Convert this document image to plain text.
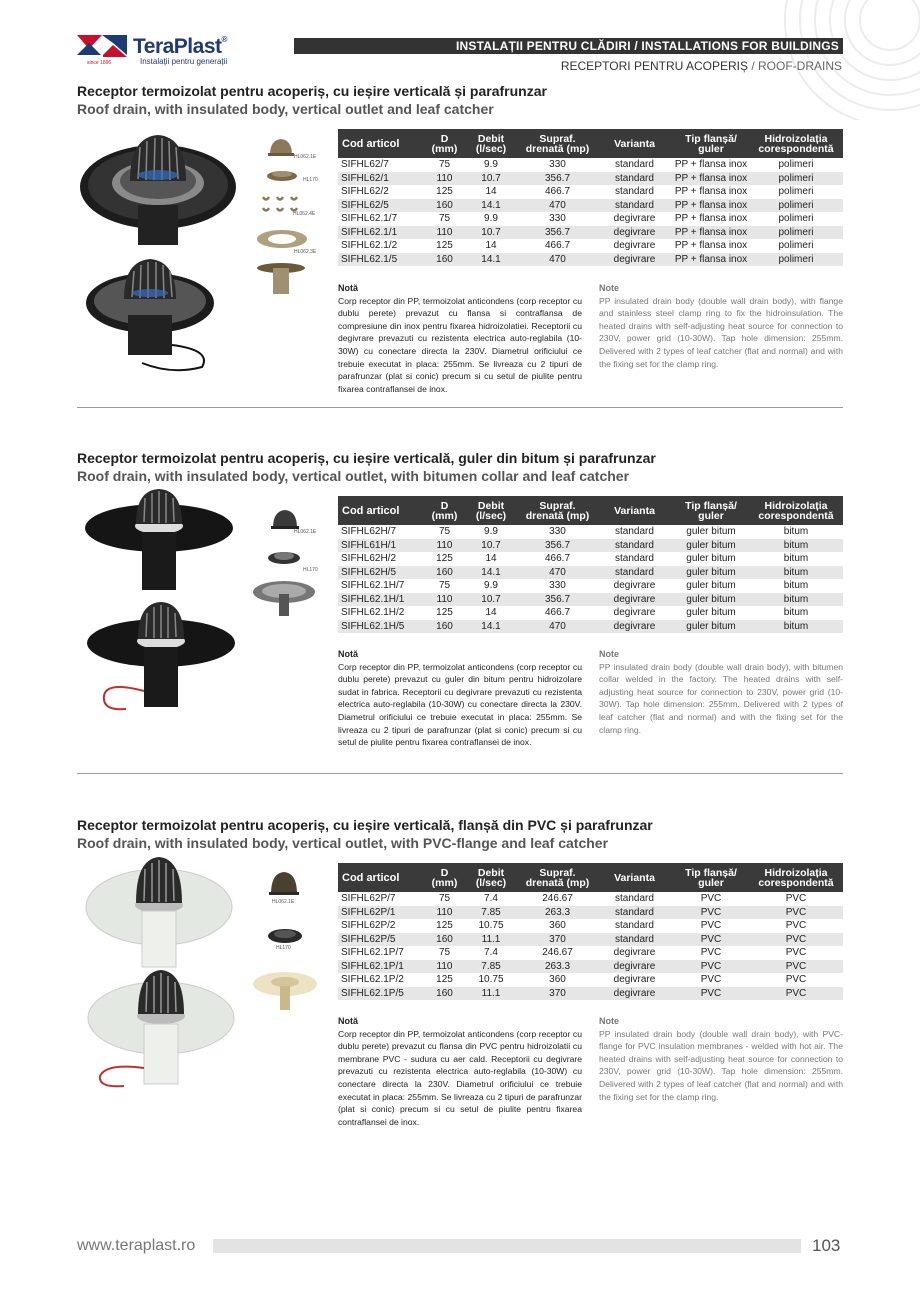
since 1896
TeraPlast®
Instalații pentru generații
INSTALAȚII PENTRU CLĂDIRI / INSTALLATIONS FOR BUILDINGS
RECEPTORI PENTRU ACOPERIȘ / ROOF-DRAINS
Receptor termoizolat pentru acoperiș, cu ieșire verticală și parafrunzar
Roof drain, with insulated body, vertical outlet and leaf catcher
HL062.1E
HL170
HL062.4E
HL062.3E
Cod articol	D (mm)	Debit (l/sec)	Supraf. drenată (mp)	Varianta	Tip flanșă/ guler	Hidroizolația corespondentă
SIFHL62/7	75	9.9	330	standard	PP + flansa inox	polimeri
SIFHL62/1	110	10.7	356.7	standard	PP + flansa inox	polimeri
SIFHL62/2	125	14	466.7	standard	PP + flansa inox	polimeri
SIFHL62/5	160	14.1	470	standard	PP + flansa inox	polimeri
SIFHL62.1/7	75	9.9	330	degivrare	PP + flansa inox	polimeri
SIFHL62.1/1	110	10.7	356.7	degivrare	PP + flansa inox	polimeri
SIFHL62.1/2	125	14	466.7	degivrare	PP + flansa inox	polimeri
SIFHL62.1/5	160	14.1	470	degivrare	PP + flansa inox	polimeri
Notă
Corp receptor din PP, termoizolat anticondens (corp receptor cu dublu perete) prevazut cu flansa si contraflansa de compresiune din inox pentru fixarea hidroizolatiei. Receptorii cu degivrare prevazuti cu rezistenta electrica auto-reglabila (10-30W) cu conectare directa la 230V. Diametrul orificiului ce trebuie executat in placa: 255mm. Se livreaza cu 2 tipuri de parafrunzar (plat si conic) precum si cu setul de piulite pentru fixarea contraflansei de inox.
Note
PP insulated drain body (double wall drain body), with flange and stainless steel clamp ring to fix the hidroinsulation. The heated drains with self-adjusting heat source for connection to 230V, power grid (10-30W). Tap hole dimension: 255mm. Delivered with 2 types of leaf catcher (flat and normal) and with the fixing set for the clamp ring.
Receptor termoizolat pentru acoperiș, cu ieșire verticală, guler din bitum și parafrunzar
Roof drain, with insulated body, vertical outlet, with bitumen collar and leaf catcher
HL062.1E
HL170
Cod articol	D (mm)	Debit (l/sec)	Supraf. drenată (mp)	Varianta	Tip flanșă/ guler	Hidroizolația corespondentă
SIFHL62H/7	75	9.9	330	standard	guler bitum	bitum
SIFHL61H/1	110	10.7	356.7	standard	guler bitum	bitum
SIFHL62H/2	125	14	466.7	standard	guler bitum	bitum
SIFHL62H/5	160	14.1	470	standard	guler bitum	bitum
SIFHL62.1H/7	75	9.9	330	degivrare	guler bitum	bitum
SIFHL62.1H/1	110	10.7	356.7	degivrare	guler bitum	bitum
SIFHL62.1H/2	125	14	466.7	degivrare	guler bitum	bitum
SIFHL62.1H/5	160	14.1	470	degivrare	guler bitum	bitum
Notă
Corp receptor din PP, termoizolat anticondens (corp receptor cu dublu perete) prevazut cu guler din bitum pentru hidroizolare sudat in fabrica. Receptorii cu degivrare prevazuti cu rezistenta electrica auto-reglabila (10-30W) cu conectare directa la 230V. Diametrul orificiului ce trebuie executat in placa: 255mm. Se livreaza cu 2 tipuri de parafrunzar (plat si conic) precum si cu setul de piulite pentru fixarea contraflansei de inox.
Note
PP insulated drain body (double wall drain body), with bitumen collar welded in the factory. The heated drains with self-adjusting heat source for connection to 230V, power grid (10-30W). Tap hole dimension: 255mm. Delivered with 2 types of leaf catcher (flat and normal) and with the fixing set for the clamp ring.
Receptor termoizolat pentru acoperiș, cu ieșire verticală, flanșă din PVC și parafrunzar
Roof drain, with insulated body, vertical outlet, with PVC-flange and leaf catcher
HL062.1E
HL170
Cod articol	D (mm)	Debit (l/sec)	Supraf. drenată (mp)	Varianta	Tip flanșă/ guler	Hidroizolația corespondentă
SIFHL62P/7	75	7.4	246.67	standard	PVC	PVC
SIFHL62P/1	110	7.85	263.3	standard	PVC	PVC
SIFHL62P/2	125	10.75	360	standard	PVC	PVC
SIFHL62P/5	160	11.1	370	standard	PVC	PVC
SIFHL62.1P/7	75	7.4	246.67	degivrare	PVC	PVC
SIFHL62.1P/1	110	7.85	263.3	degivrare	PVC	PVC
SIFHL62.1P/2	125	10.75	360	degivrare	PVC	PVC
SIFHL62.1P/5	160	11.1	370	degivrare	PVC	PVC
Notă
Corp receptor din PP, termoizolat anticondens (corp receptor cu dublu perete) prevazut cu flansa din PVC pentru hidroizolatii cu membrane PVC - sudura cu aer cald. Receptorii cu degivrare prevazuti cu rezistenta electrica auto-reglabila (10-30W) cu conectare directa la 230V. Diametrul orificiului ce trebuie executat in placa: 255mm. Se livreaza cu 2 tipuri de parafrunzar (plat si conic) precum si cu setul de piulite pentru fixarea contraflansei de inox.
Note
PP insulated drain body (double wall drain body), with PVC-flange for PVC insulation membranes - welded with hot air. The heated drains with self-adjusting heat source for connection to 230V, power grid (10-30W). Tap hole dimension: 255mm. Delivered with 2 types of leaf catcher (flat and normal) and with the fixing set for the clamp ring.
www.teraplast.ro	103
